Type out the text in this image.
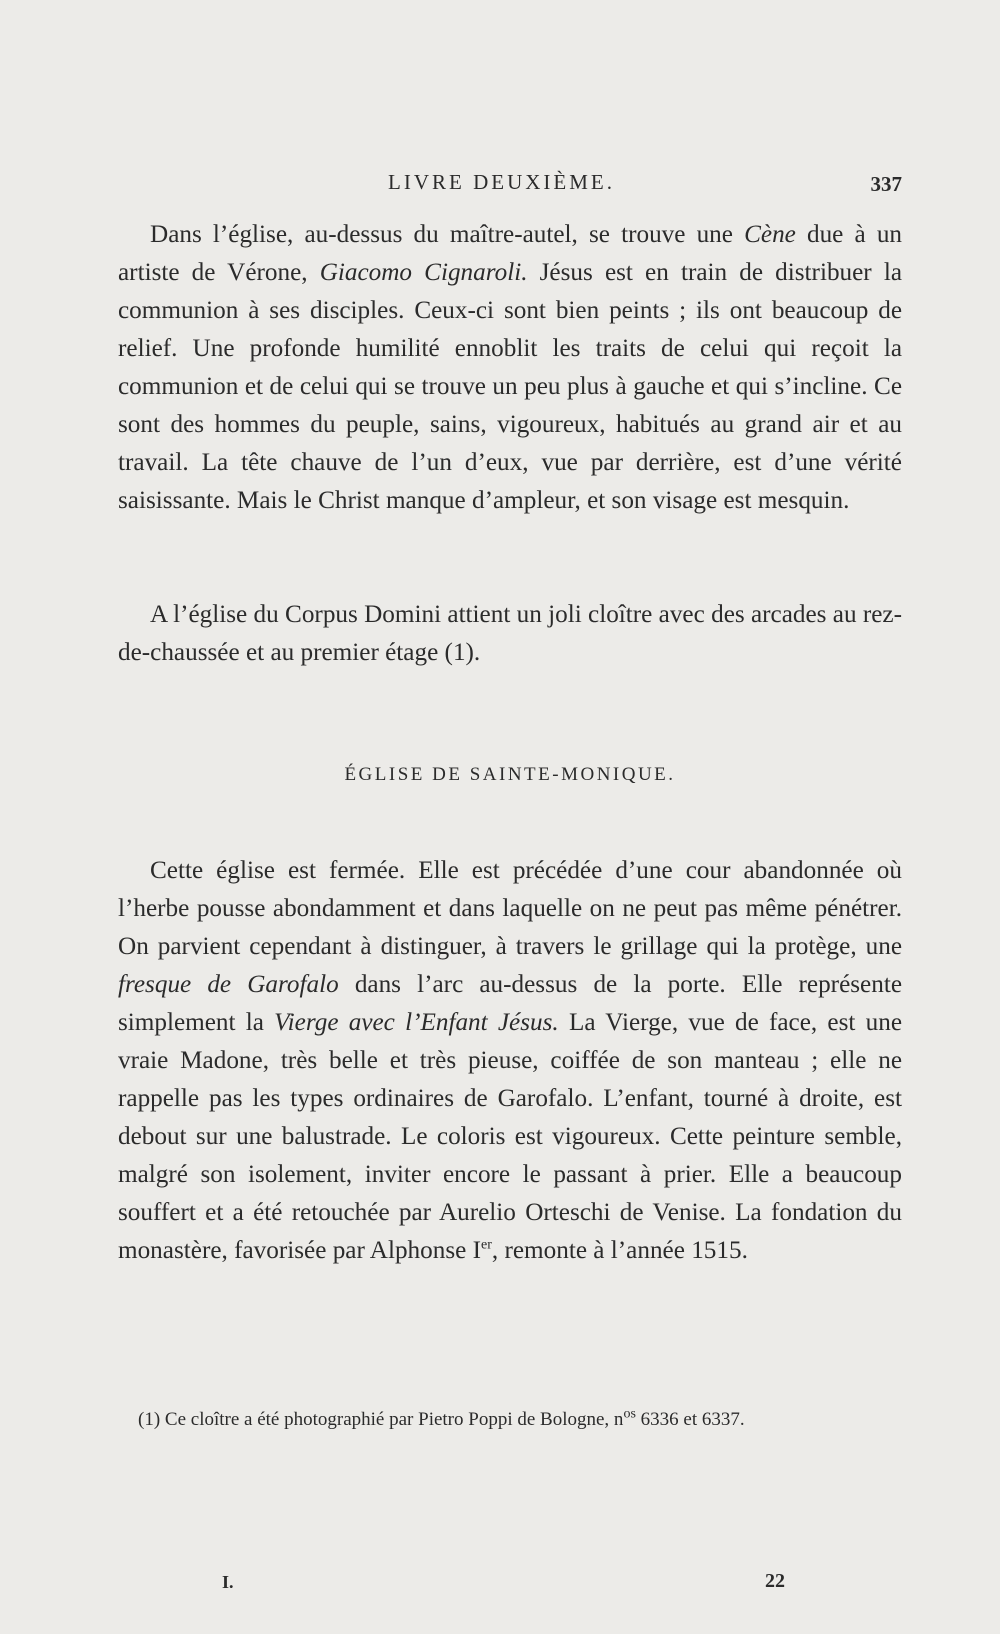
LIVRE DEUXIÈME.	337

Dans l’église, au-dessus du maître-autel, se trouve une Cène due à un artiste de Vérone, Giacomo Cignaroli. Jésus est en train de distribuer la communion à ses disciples. Ceux-ci sont bien peints ; ils ont beaucoup de relief. Une profonde humilité ennoblit les traits de celui qui reçoit la communion et de celui qui se trouve un peu plus à gauche et qui s’incline. Ce sont des hommes du peuple, sains, vigoureux, habitués au grand air et au travail. La tête chauve de l’un d’eux, vue par derrière, est d’une vérité saisissante. Mais le Christ manque d’ampleur, et son visage est mesquin.

A l’église du Corpus Domini attient un joli cloître avec des arcades au rez-de-chaussée et au premier étage (1).

ÉGLISE DE SAINTE-MONIQUE.

Cette église est fermée. Elle est précédée d’une cour abandonnée où l’herbe pousse abondamment et dans laquelle on ne peut pas même pénétrer. On parvient cependant à distinguer, à travers le grillage qui la protège, une fresque de Garofalo dans l’arc au-dessus de la porte. Elle représente simplement la Vierge avec l’Enfant Jésus. La Vierge, vue de face, est une vraie Madone, très belle et très pieuse, coiffée de son manteau ; elle ne rappelle pas les types ordinaires de Garofalo. L’enfant, tourné à droite, est debout sur une balustrade. Le coloris est vigoureux. Cette peinture semble, malgré son isolement, inviter encore le passant à prier. Elle a beaucoup souffert et a été retouchée par Aurelio Orteschi de Venise. La fondation du monastère, favorisée par Alphonse Ier, remonte à l’année 1515.

(1) Ce cloître a été photographié par Pietro Poppi de Bologne, $n^{os}$ 6336 et 6337.

I.	22
